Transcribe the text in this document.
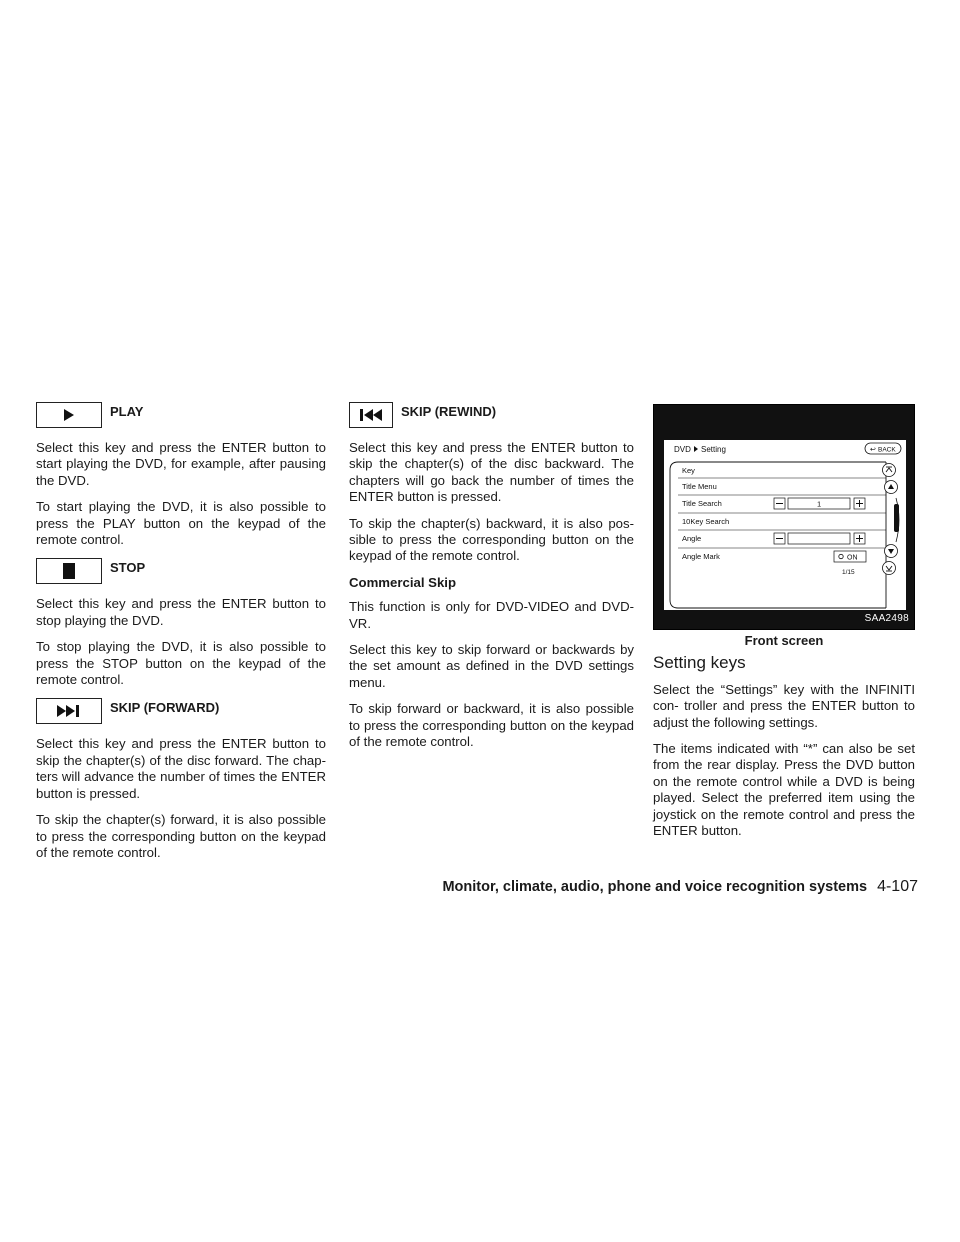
PLAY

Select this key and press the ENTER button to start playing the DVD, for example, after pausing the DVD.

To start playing the DVD, it is also possible to press the PLAY button on the keypad of the remote control.

STOP

Select this key and press the ENTER button to stop playing the DVD.

To stop playing the DVD, it is also possible to press the STOP button on the keypad of the remote control.

SKIP (FORWARD)

Select this key and press the ENTER button to skip the chapter(s) of the disc forward. The chap- ters will advance the number of times the ENTER button is pressed.

To skip the chapter(s) forward, it is also possible to press the corresponding button on the keypad of the remote control.

SKIP (REWIND)

Select this key and press the ENTER button to skip the chapter(s) of the disc backward. The chapters will go back the number of times the ENTER button is pressed.

To skip the chapter(s) backward, it is also pos- sible to press the corresponding button on the keypad of the remote control.

Commercial Skip

This function is only for DVD-VIDEO and DVD- VR.

Select this key to skip forward or backwards by the set amount as defined in the DVD settings menu.

To skip forward or backward, it is also possible to press the corresponding button on the keypad of the remote control.

DVD Setting	↩ BACK
Key
Title Menu
Title Search	1
10Key Search
Angle
Angle Mark	ON
1/15
SAA2498
Front screen
Setting keys

Select the “Settings” key with the INFINITI con- troller and press the ENTER button to adjust the following settings.

The items indicated with “*” can also be set from the rear display. Press the DVD button on the remote control while a DVD is being played. Select the preferred item using the joystick on the remote control and press the ENTER button.

Monitor, climate, audio, phone and voice recognition systems 4-107
